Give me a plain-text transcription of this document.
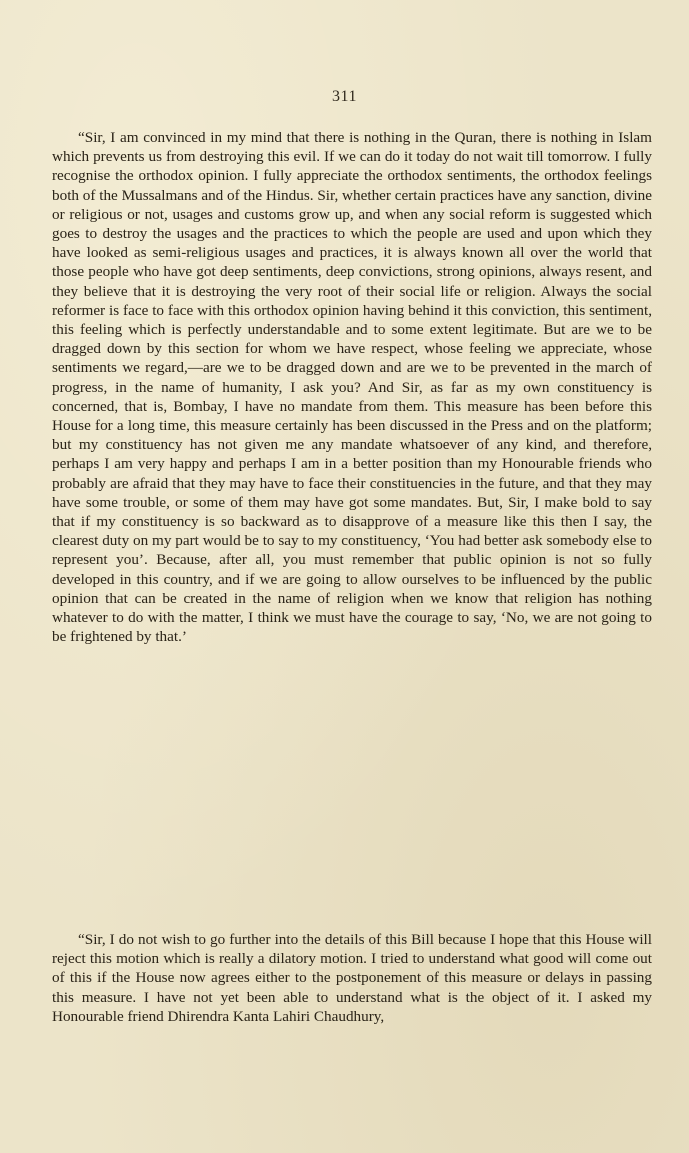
311

“Sir, I am convinced in my mind that there is nothing in the Quran, there is nothing in Islam which prevents us from destroying this evil. If we can do it today do not wait till tomorrow. I fully recognise the orthodox opinion. I fully appreciate the orthodox sentiments, the orthodox feelings both of the Mussalmans and of the Hindus. Sir, whether certain practices have any sanction, divine or religious or not, usages and customs grow up, and when any social reform is suggested which goes to destroy the usages and the practices to which the people are used and upon which they have looked as semi-religious usages and practices, it is always known all over the world that those people who have got deep sentiments, deep convictions, strong opinions, always resent, and they believe that it is destroying the very root of their social life or religion. Always the social reformer is face to face with this orthodox opinion having behind it this conviction, this sentiment, this feeling which is perfectly understandable and to some extent legitimate. But are we to be dragged down by this section for whom we have respect, whose feeling we appreciate, whose sentiments we regard,—are we to be dragged down and are we to be prevented in the march of progress, in the name of humanity, I ask you? And Sir, as far as my own constituency is concerned, that is, Bombay, I have no mandate from them. This measure has been before this House for a long time, this measure certainly has been discussed in the Press and on the platform; but my constituency has not given me any mandate whatsoever of any kind, and therefore, perhaps I am very happy and perhaps I am in a better position than my Honourable friends who probably are afraid that they may have to face their constituencies in the future, and that they may have some trouble, or some of them may have got some mandates. But, Sir, I make bold to say that if my constituency is so backward as to disapprove of a measure like this then I say, the clearest duty on my part would be to say to my constituency, ‘You had better ask somebody else to represent you’. Because, after all, you must remember that public opinion is not so fully developed in this country, and if we are going to allow ourselves to be influenced by the public opinion that can be created in the name of religion when we know that religion has nothing whatever to do with the matter, I think we must have the courage to say, ‘No, we are not going to be frightened by that.’

“Sir, I do not wish to go further into the details of this Bill because I hope that this House will reject this motion which is really a dilatory motion. I tried to understand what good will come out of this if the House now agrees either to the postponement of this measure or delays in passing this measure. I have not yet been able to understand what is the object of it. I asked my Honourable friend Dhirendra Kanta Lahiri Chaudhury,
